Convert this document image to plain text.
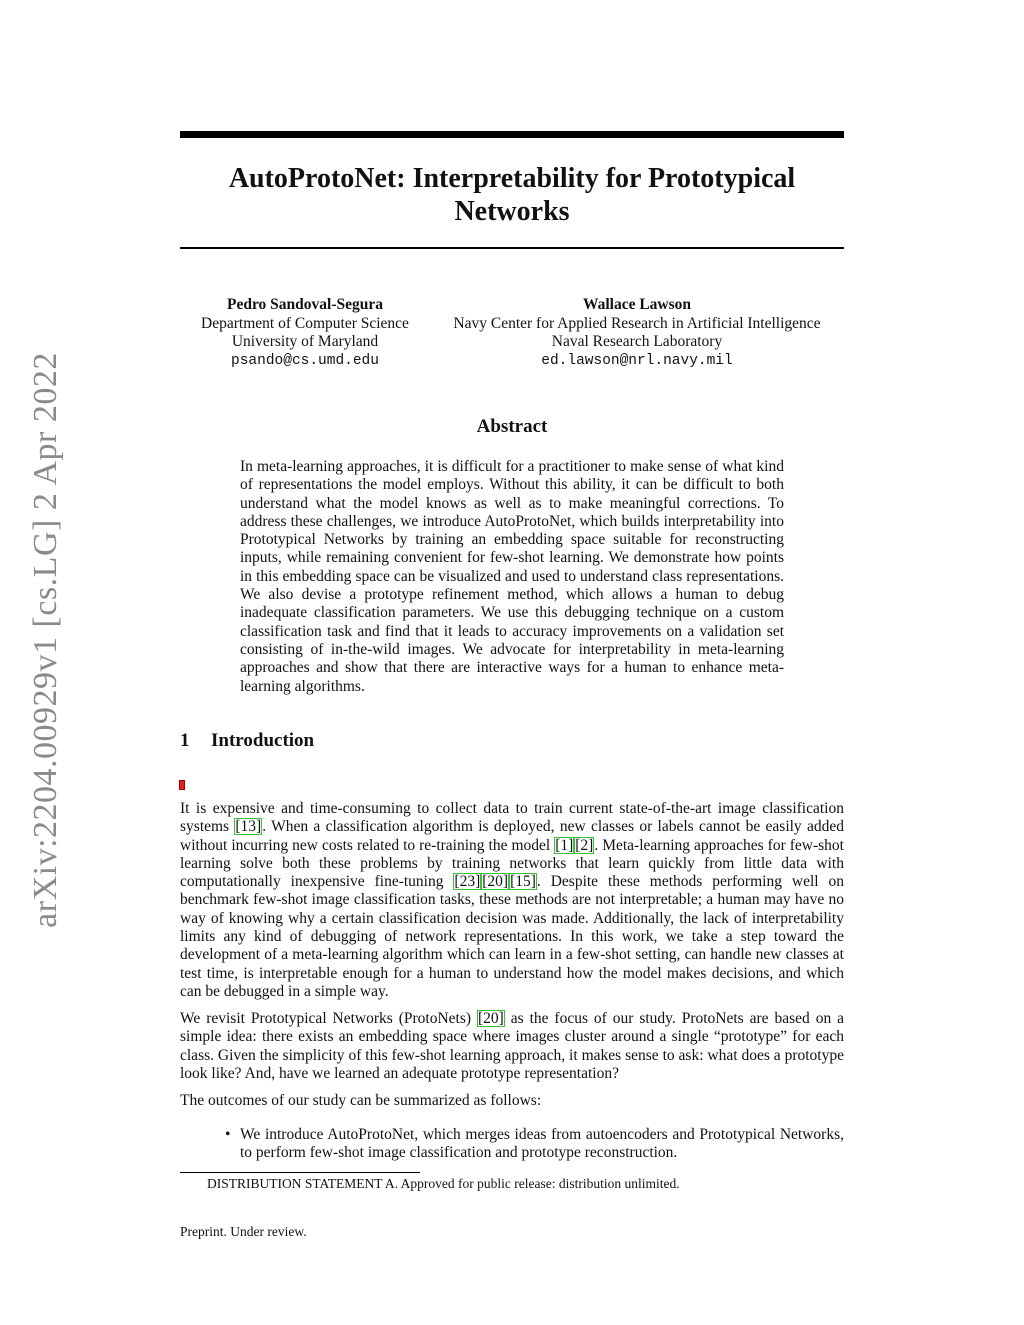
arXiv:2204.00929v1 [cs.LG] 2 Apr 2022
AutoProtoNet: Interpretability for Prototypical Networks
Pedro Sandoval-Segura
Department of Computer Science
University of Maryland
psando@cs.umd.edu
Wallace Lawson
Navy Center for Applied Research in Artificial Intelligence
Naval Research Laboratory
ed.lawson@nrl.navy.mil
Abstract

In meta-learning approaches, it is difficult for a practitioner to make sense of what kind of representations the model employs. Without this ability, it can be difficult to both understand what the model knows as well as to make meaningful corrections. To address these challenges, we introduce AutoProtoNet, which builds interpretability into Prototypical Networks by training an embedding space suitable for reconstructing inputs, while remaining convenient for few-shot learning. We demonstrate how points in this embedding space can be visualized and used to understand class representations. We also devise a prototype refinement method, which allows a human to debug inadequate classification parameters. We use this debugging technique on a custom classification task and find that it leads to accuracy improvements on a validation set consisting of in-the-wild images. We advocate for interpretability in meta-learning approaches and show that there are interactive ways for a human to enhance meta-learning algorithms.

1 Introduction

It is expensive and time-consuming to collect data to train current state-of-the-art image classification systems [13]. When a classification algorithm is deployed, new classes or labels cannot be easily added without incurring new costs related to re-training the model [1] [2]. Meta-learning approaches for few-shot learning solve both these problems by training networks that learn quickly from little data with computationally inexpensive fine-tuning [23] [20] [15]. Despite these methods performing well on benchmark few-shot image classification tasks, these methods are not interpretable; a human may have no way of knowing why a certain classification decision was made. Additionally, the lack of interpretability limits any kind of debugging of network representations. In this work, we take a step toward the development of a meta-learning algorithm which can learn in a few-shot setting, can handle new classes at test time, is interpretable enough for a human to understand how the model makes decisions, and which can be debugged in a simple way.

We revisit Prototypical Networks (ProtoNets) [20] as the focus of our study. ProtoNets are based on a simple idea: there exists an embedding space where images cluster around a single “prototype” for each class. Given the simplicity of this few-shot learning approach, it makes sense to ask: what does a prototype look like? And, have we learned an adequate prototype representation?

The outcomes of our study can be summarized as follows:

• We introduce AutoProtoNet, which merges ideas from autoencoders and Prototypical Networks, to perform few-shot image classification and prototype reconstruction.
DISTRIBUTION STATEMENT A. Approved for public release: distribution unlimited.
Preprint. Under review.
